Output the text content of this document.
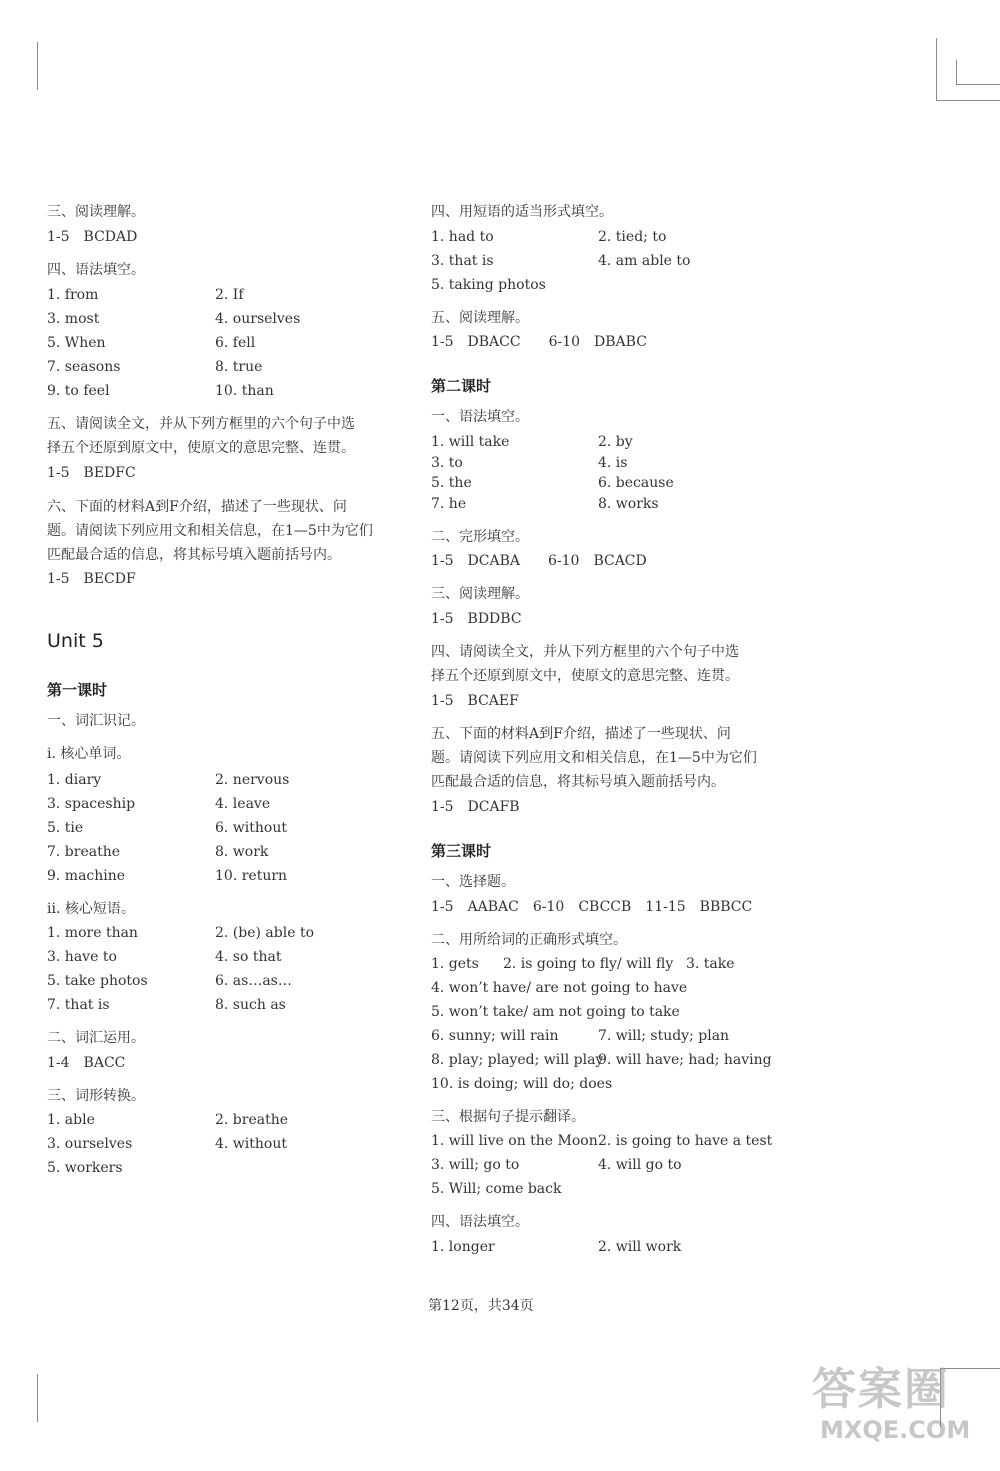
三、阅读理解。
1-5　BCDAD
四、语法填空。
1. from	2. If
3. most	4. ourselves
5. When	6. fell
7. seasons	8. true
9. to feel	10. than
五、请阅读全文，并从下列方框里的六个句子中选
择五个还原到原文中，使原文的意思完整、连贯。
1-5　BEDFC
六、下面的材料A到F介绍，描述了一些现状、问
题。请阅读下列应用文和相关信息，在1—5中为它们
匹配最合适的信息，将其标号填入题前括号内。
1-5　BECDF
Unit 5
第一课时
一、词汇识记。
i. 核心单词。
1. diary	2. nervous
3. spaceship	4. leave
5. tie	6. without
7. breathe	8. work
9. machine	10. return
ii. 核心短语。
1. more than	2. (be) able to
3. have to	4. so that
5. take photos	6. as…as…
7. that is	8. such as
二、词汇运用。
1-4　BACC
三、词形转换。
1. able	2. breathe
3. ourselves	4. without
5. workers
四、用短语的适当形式填空。
1. had to	2. tied; to
3. that is	4. am able to
5. taking photos
五、阅读理解。
1-5　DBACC　　6-10　DBABC
第二课时
一、语法填空。
1. will take	2. by
3. to	4. is
5. the	6. because
7. he	8. works
二、完形填空。
1-5　DCABA　　6-10　BCACD
三、阅读理解。
1-5　BDDBC
四、请阅读全文，并从下列方框里的六个句子中选
择五个还原到原文中，使原文的意思完整、连贯。
1-5　BCAEF
五、下面的材料A到F介绍，描述了一些现状、问
题。请阅读下列应用文和相关信息，在1—5中为它们
匹配最合适的信息，将其标号填入题前括号内。
1-5　DCAFB
第三课时
一、选择题。
1-5　AABAC　6-10　CBCCB　11-15　BBBCC
二、用所给词的正确形式填空。
1. gets 2. is going to fly/ will fly 3. take
4. won’t have/ are not going to have
5. won’t take/ am not going to take
6. sunny; will rain	7. will; study; plan
8. play; played; will play
9. will have; had; having
10. is doing; will do; does
三、根据句子提示翻译。
1. will live on the Moon 2. is going to have a test
3. will; go to	4. will go to
5. Will; come back
四、语法填空。
1. longer	2. will work
第12页，共34页
答案圈
MXQE.COM
